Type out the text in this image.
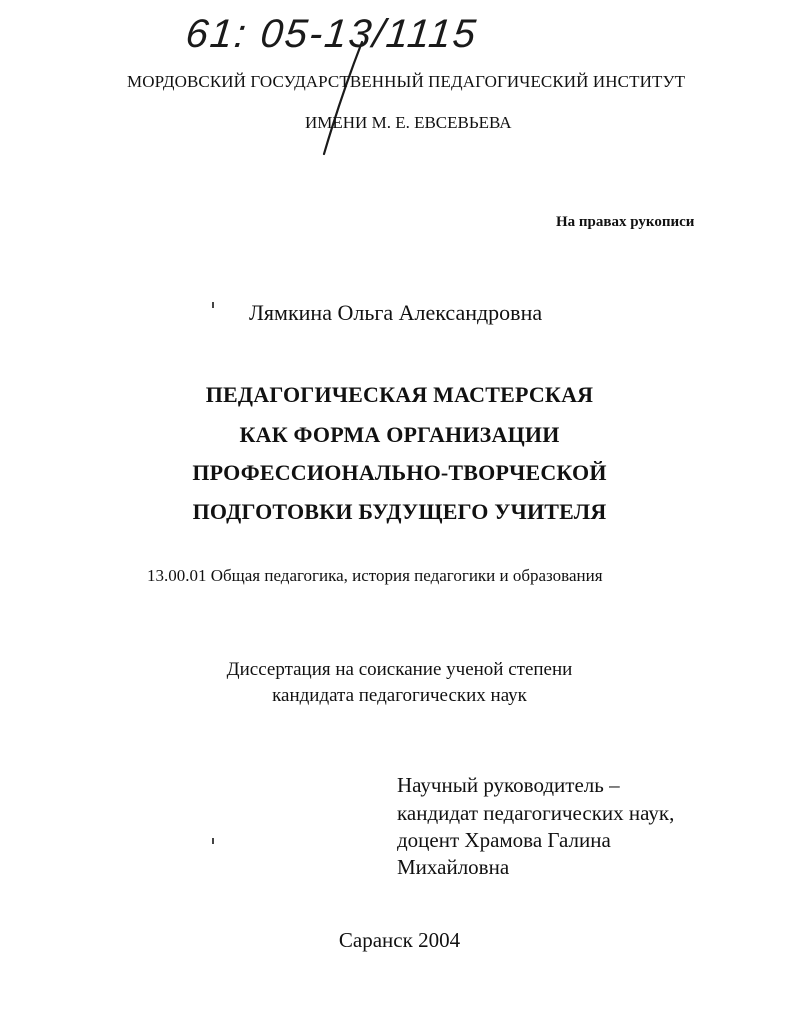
61: 05-13/1115
МОРДОВСКИЙ ГОСУДАРСТВЕННЫЙ ПЕДАГОГИЧЕСКИЙ ИНСТИТУТ
ИМЕНИ М. Е. ЕВСЕВЬЕВА
На правах рукописи
Лямкина Ольга Александровна
ПЕДАГОГИЧЕСКАЯ МАСТЕРСКАЯ
КАК ФОРМА ОРГАНИЗАЦИИ
ПРОФЕССИОНАЛЬНО-ТВОРЧЕСКОЙ
ПОДГОТОВКИ БУДУЩЕГО УЧИТЕЛЯ
13.00.01 Общая педагогика, история педагогики и образования
Диссертация на соискание ученой степени
кандидата педагогических наук
Научный руководитель –
кандидат педагогических наук,
доцент Храмова Галина
Михайловна
Саранск 2004
